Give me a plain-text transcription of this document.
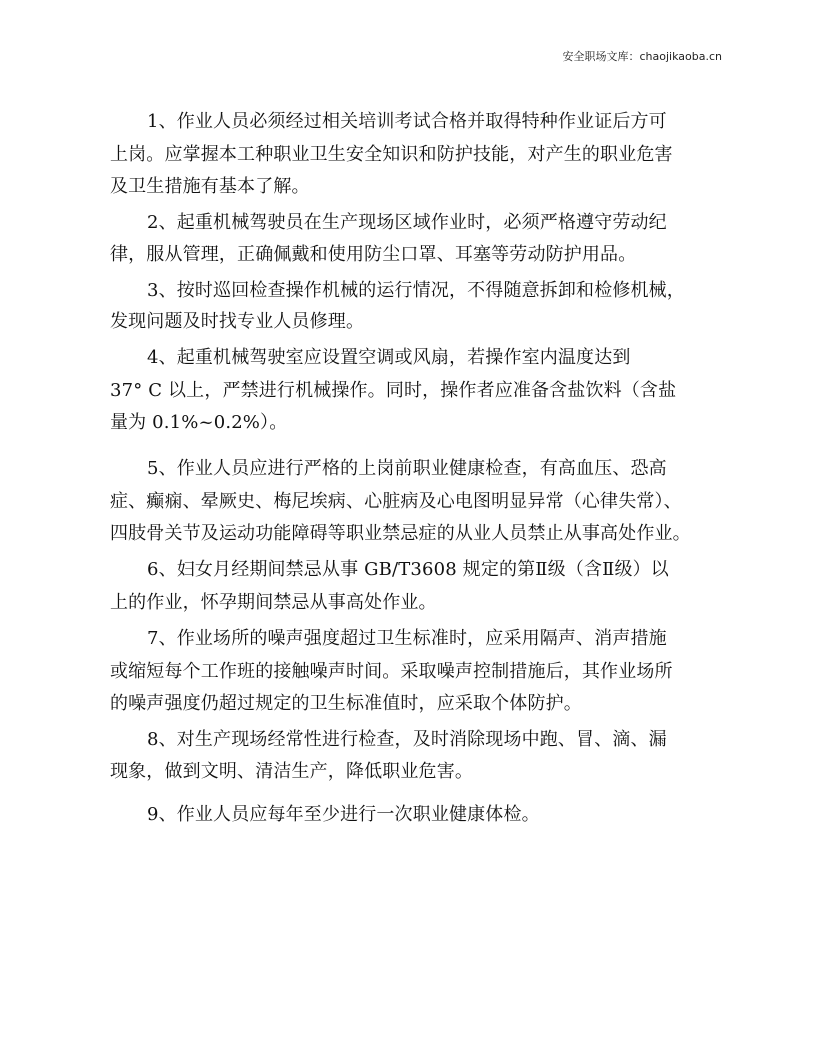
安全职场文库：chaojikaoba.cn
1、作业人员必须经过相关培训考试合格并取得特种作业证后方可
上岗。应掌握本工种职业卫生安全知识和防护技能，对产生的职业危害
及卫生措施有基本了解。
2、起重机械驾驶员在生产现场区域作业时，必须严格遵守劳动纪
律，服从管理，正确佩戴和使用防尘口罩、耳塞等劳动防护用品。
3、按时巡回检查操作机械的运行情况，不得随意拆卸和检修机械，
发现问题及时找专业人员修理。
4、起重机械驾驶室应设置空调或风扇，若操作室内温度达到
37° C 以上，严禁进行机械操作。同时，操作者应准备含盐饮料（含盐
量为 0.1%~0.2%）。
5、作业人员应进行严格的上岗前职业健康检查，有高血压、恐高
症、癫痫、晕厥史、梅尼埃病、心脏病及心电图明显异常（心律失常）、
四肢骨关节及运动功能障碍等职业禁忌症的从业人员禁止从事高处作业。
6、妇女月经期间禁忌从事 GB/T3608 规定的第Ⅱ级（含Ⅱ级）以
上的作业，怀孕期间禁忌从事高处作业。
7、作业场所的噪声强度超过卫生标准时，应采用隔声、消声措施
或缩短每个工作班的接触噪声时间。采取噪声控制措施后，其作业场所
的噪声强度仍超过规定的卫生标准值时，应采取个体防护。
8、对生产现场经常性进行检查，及时消除现场中跑、冒、滴、漏
现象，做到文明、清洁生产，降低职业危害。
9、作业人员应每年至少进行一次职业健康体检。
